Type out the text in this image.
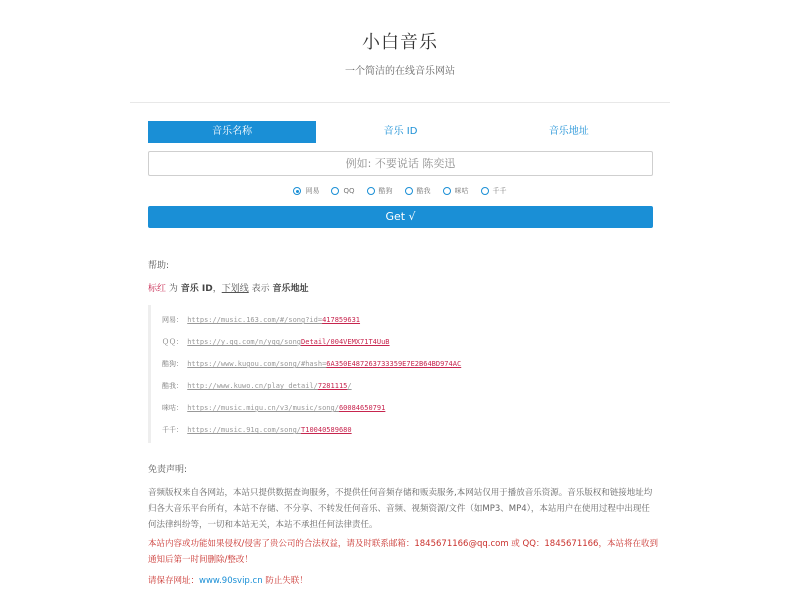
小白音乐
一个简洁的在线音乐网站
音乐名称	音乐 ID	音乐地址
例如: 不要说话 陈奕迅
网易	QQ	酷狗	酷我	咪咕	千千
Get √
帮助:
标红 为 音乐 ID，下划线 表示 音乐地址
网易： https://music.163.com/#/song?id=417859631
ＱＱ： https://y.qq.com/n/yqq/songDetail/004VEMX71T4UuB
酷狗： https://www.kugou.com/song/#hash=6A350E487263733359E7E2B64BD974AC
酷我： http://www.kuwo.cn/play_detail/7281115/
咪咕： https://music.migu.cn/v3/music/song/60084650791
千千： https://music.91q.com/song/T10040589680
免责声明:
音频版权来自各网站，本站只提供数据查询服务，不提供任何音频存储和贩卖服务,本网站仅用于播放音乐资源。音乐版权和链接地址均归各大音乐平台所有，本站不存储、不分享、不转发任何音乐、音频、视频资源/文件（如MP3、MP4），本站用户在使用过程中出现任何法律纠纷等，一切和本站无关，本站不承担任何法律责任。
本站内容或功能如果侵权/侵害了贵公司的合法权益，请及时联系邮箱：1845671166@qq.com 或 QQ：1845671166，本站将在收到通知后第一时间删除/整改！
请保存网址：www.90svip.cn 防止失联！
